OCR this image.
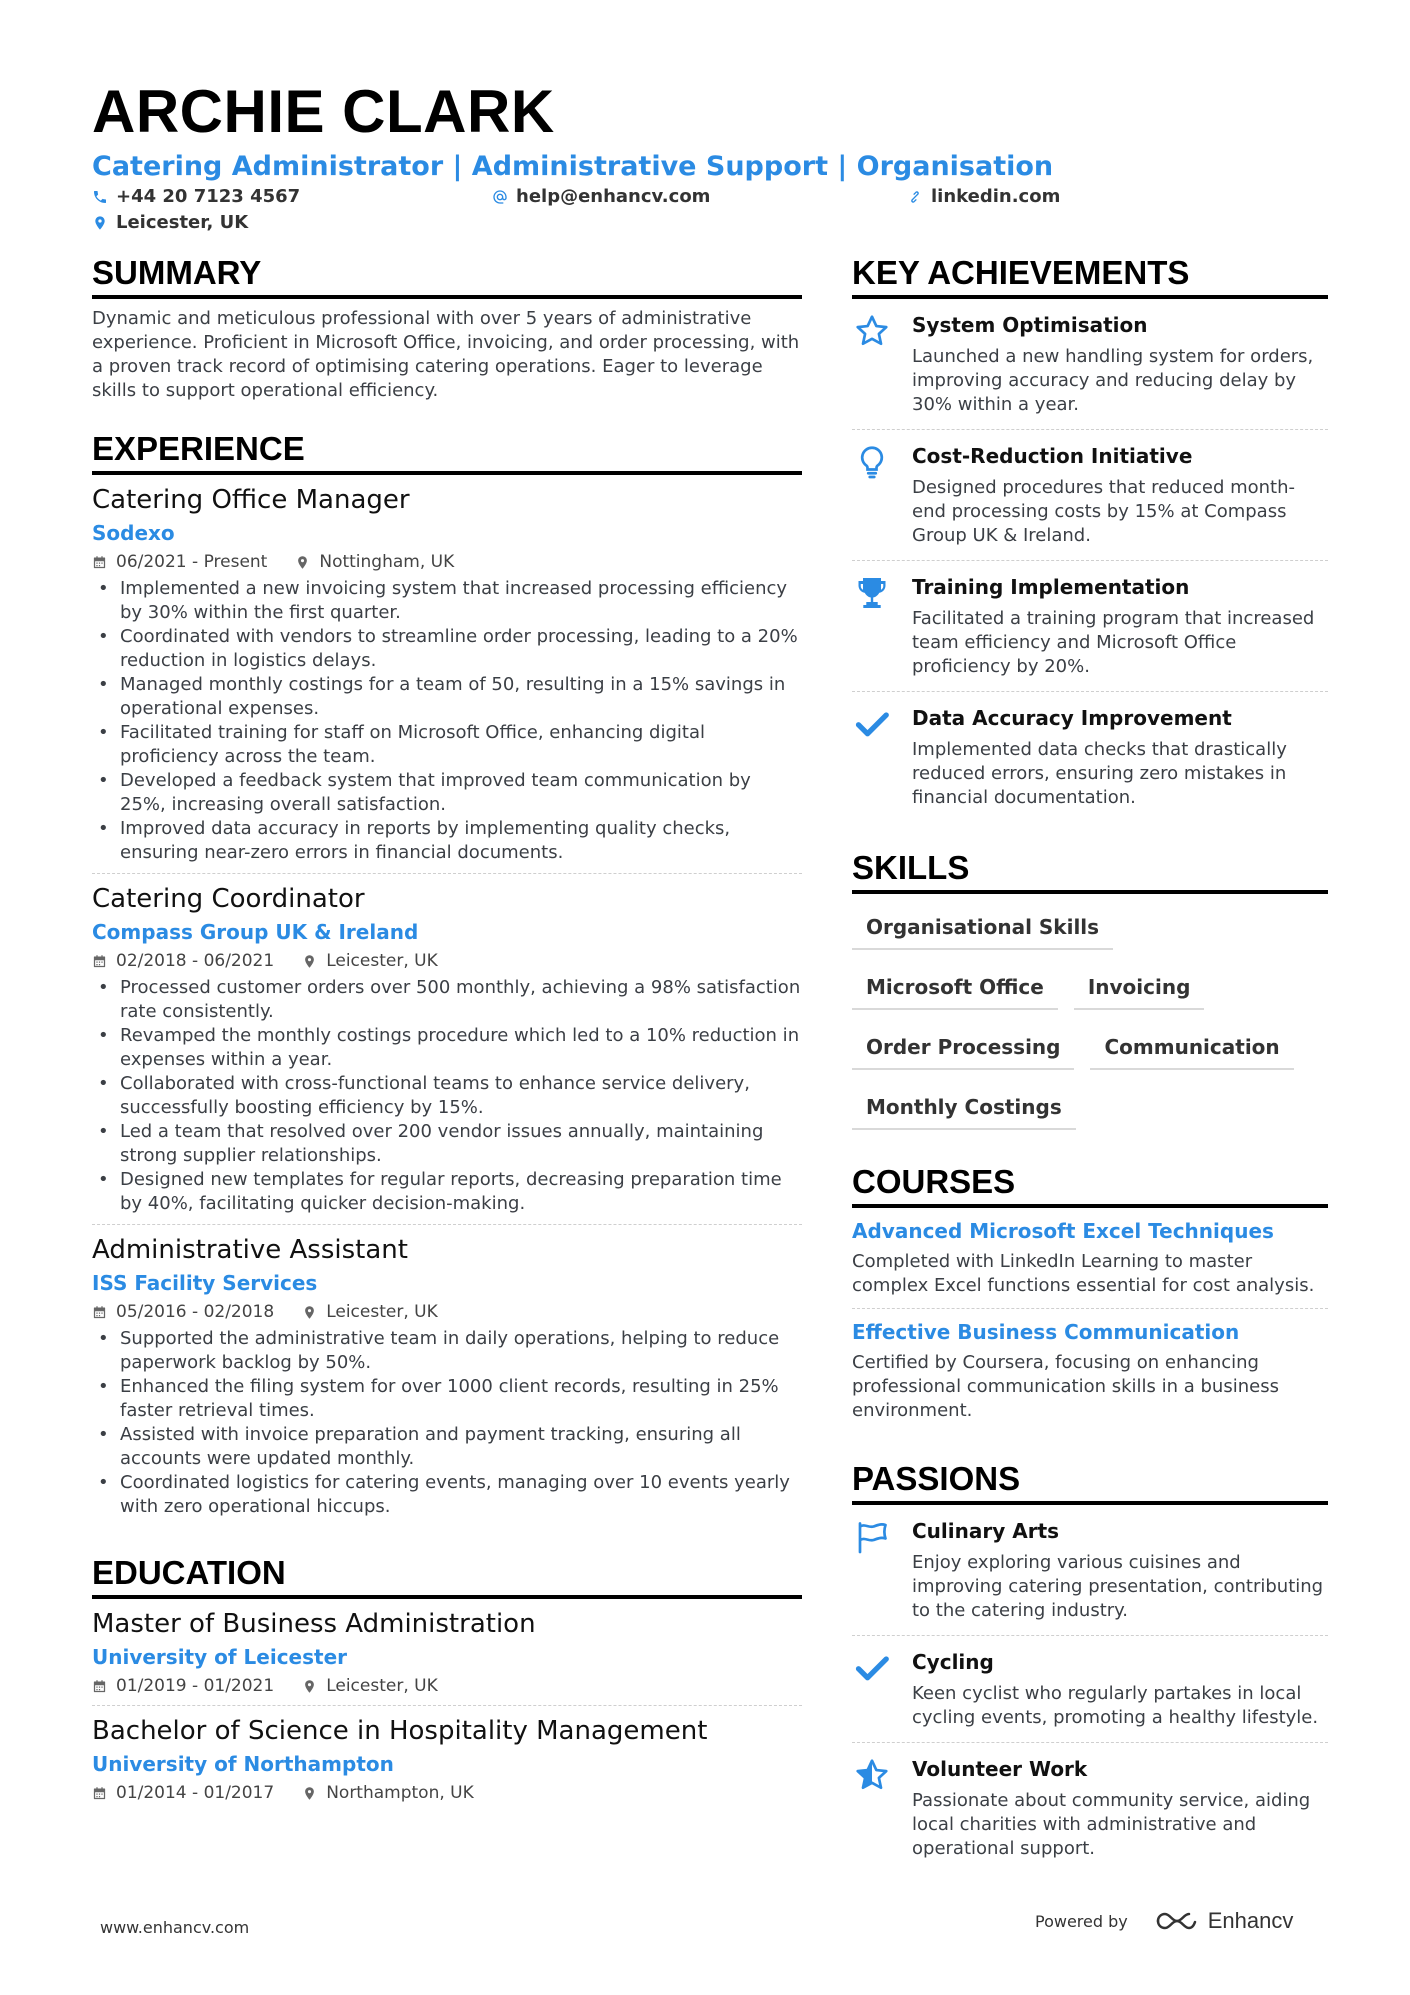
ARCHIE CLARK
Catering Administrator | Administrative Support | Organisation
+44 20 7123 4567	help@enhancv.com	linkedin.com
Leicester, UK
SUMMARY
Dynamic and meticulous professional with over 5 years of administrative experience. Proficient in Microsoft Office, invoicing, and order processing, with a proven track record of optimising catering operations. Eager to leverage skills to support operational efficiency.
EXPERIENCE
Catering Office Manager
Sodexo
06/2021 - Present	Nottingham, UK
• Implemented a new invoicing system that increased processing efficiency by 30% within the first quarter.
• Coordinated with vendors to streamline order processing, leading to a 20% reduction in logistics delays.
• Managed monthly costings for a team of 50, resulting in a 15% savings in operational expenses.
• Facilitated training for staff on Microsoft Office, enhancing digital proficiency across the team.
• Developed a feedback system that improved team communication by 25%, increasing overall satisfaction.
• Improved data accuracy in reports by implementing quality checks, ensuring near-zero errors in financial documents.
Catering Coordinator
Compass Group UK & Ireland
02/2018 - 06/2021	Leicester, UK
• Processed customer orders over 500 monthly, achieving a 98% satisfaction rate consistently.
• Revamped the monthly costings procedure which led to a 10% reduction in expenses within a year.
• Collaborated with cross-functional teams to enhance service delivery, successfully boosting efficiency by 15%.
• Led a team that resolved over 200 vendor issues annually, maintaining strong supplier relationships.
• Designed new templates for regular reports, decreasing preparation time by 40%, facilitating quicker decision-making.
Administrative Assistant
ISS Facility Services
05/2016 - 02/2018	Leicester, UK
• Supported the administrative team in daily operations, helping to reduce paperwork backlog by 50%.
• Enhanced the filing system for over 1000 client records, resulting in 25% faster retrieval times.
• Assisted with invoice preparation and payment tracking, ensuring all accounts were updated monthly.
• Coordinated logistics for catering events, managing over 10 events yearly with zero operational hiccups.
EDUCATION
Master of Business Administration
University of Leicester
01/2019 - 01/2021	Leicester, UK
Bachelor of Science in Hospitality Management
University of Northampton
01/2014 - 01/2017	Northampton, UK
KEY ACHIEVEMENTS
System Optimisation
Launched a new handling system for orders, improving accuracy and reducing delay by 30% within a year.
Cost-Reduction Initiative
Designed procedures that reduced month-end processing costs by 15% at Compass Group UK & Ireland.
Training Implementation
Facilitated a training program that increased team efficiency and Microsoft Office proficiency by 20%.
Data Accuracy Improvement
Implemented data checks that drastically reduced errors, ensuring zero mistakes in financial documentation.
SKILLS
Organisational Skills
Microsoft Office	Invoicing
Order Processing	Communication
Monthly Costings
COURSES
Advanced Microsoft Excel Techniques
Completed with LinkedIn Learning to master complex Excel functions essential for cost analysis.
Effective Business Communication
Certified by Coursera, focusing on enhancing professional communication skills in a business environment.
PASSIONS
Culinary Arts
Enjoy exploring various cuisines and improving catering presentation, contributing to the catering industry.
Cycling
Keen cyclist who regularly partakes in local cycling events, promoting a healthy lifestyle.
Volunteer Work
Passionate about community service, aiding local charities with administrative and operational support.
www.enhancv.com	Powered by	Enhancv
